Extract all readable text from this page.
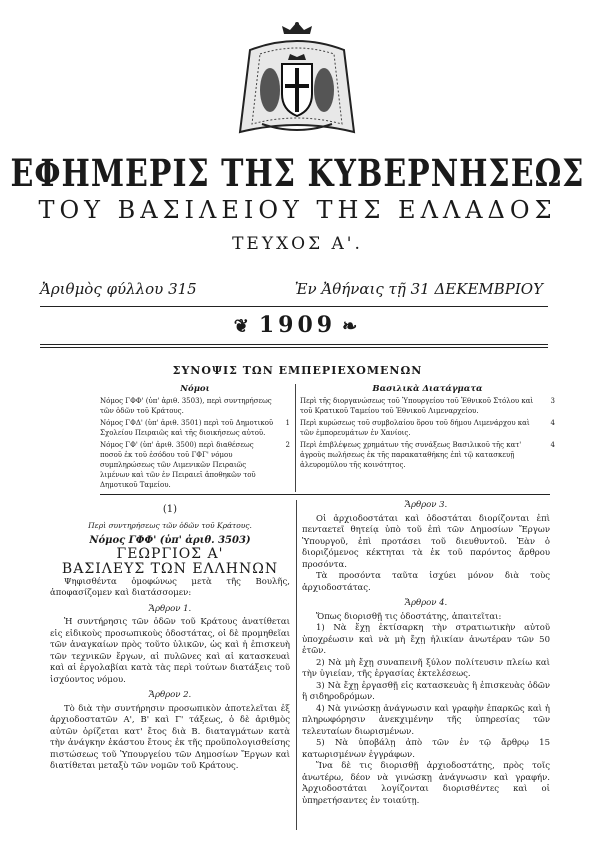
ΕΦΗΜΕΡΙΣ ΤΗΣ ΚΥΒΕΡΝΗΣΕΩΣ
ΤΟΥ ΒΑΣΙΛΕΙΟΥ ΤΗΣ ΕΛΛΑΔΟΣ
ΤΕΥΧΟΣ Α'.
Ἀριθμὸς φύλλου 315	Ἐν Ἀθήναις τῇ 31 ΔΕΚΕΜΒΡΙΟΥ
❦ 1909 ❧
ΣΥΝΟΨΙΣ ΤΩΝ ΕΜΠΕΡΙΕΧΟΜΕΝΩΝ
Νόμοι
Νόμος ΓΦΦ' (ὑπ' ἀριθ. 3503), περὶ συντηρήσεως τῶν ὁδῶν τοῦ Κράτους.
Νόμος ΓΦΔ' (ὑπ' ἀριθ. 3501) περὶ τοῦ Δημοτικοῦ Σχολείου Πειραιῶς καὶ τῆς διοικήσεως αὐτοῦ.
1
Νόμος ΓΦ' (ὑπ' ἀριθ. 3500) περὶ διαθέσεως ποσοῦ ἐκ τοῦ ἐσόδου τοῦ ΓΦΓ' νόμου συμπληρώσεως τῶν Λιμενικῶν Πειραιῶς λιμένων καὶ τῶν ἐν Πειραιεῖ ἀποθηκῶν τοῦ Δημοτικοῦ Ταμείου.
2
Βασιλικὰ Διατάγματα
Περὶ τῆς διοργανώσεως τοῦ Ὑπουργείου τοῦ Ἐθνικοῦ Στόλου καὶ τοῦ Κρατικοῦ Ταμείου τοῦ Ἐθνικοῦ Λιμεναρχείου.
3
Περὶ κυρώσεως τοῦ συμβολαίου ὅρου τοῦ δήμου Λιμενάρχου καὶ τῶν ἐμπορευμάτων ἐν Χανίοις.
4
Περὶ ἐπιβλέψεως χρημάτων τῆς συνάξεως Βασιλικοῦ τῆς κατ' ἀγροὺς πωλήσεως ἐκ τῆς παρακαταθήκης ἐπὶ τῷ κατασκευῇ ἀλευρομύλου τῆς κοινότητος.
4
(1)
Περὶ συντηρήσεως τῶν ὁδῶν τοῦ Κράτους.
Νόμος ΓΦΦ' (ὑπ' ἀριθ. 3503)
ΓΕΩΡΓΙΟΣ Α'
ΒΑΣΙΛΕΥΣ ΤΩΝ ΕΛΛΗΝΩΝ

Ψηφισθέντα ὁμοφώνως μετὰ τῆς Βουλῆς, ἀποφασίζομεν καὶ διατάσσομεν:

Ἄρθρον 1.

Ἡ συντήρησις τῶν ὁδῶν τοῦ Κράτους ἀνατίθεται εἰς εἰδικοὺς προσωπικοὺς ὁδοστάτας, οἱ δὲ προμηθεῖαι τῶν ἀναγκαίων πρὸς τοῦτο ὑλικῶν, ὡς καὶ ἡ ἐπισκευὴ τῶν τεχνικῶν ἔργων, αἱ πυλῶνες καὶ αἱ κατασκευαὶ καὶ αἱ ἐργολαβίαι κατὰ τὰς περὶ τούτων διατάξεις τοῦ ἰσχύοντος νόμου.

Ἄρθρον 2.

Τὸ διὰ τὴν συντήρησιν προσωπικὸν ἀποτελεῖται ἐξ ἀρχιοδοστατῶν Α', Β' καὶ Γ' τάξεως, ὁ δὲ ἀριθμὸς αὐτῶν ὁρίζεται κατ' ἔτος διὰ Β. διαταγμάτων κατὰ τὴν ἀνάγκην ἑκάστου ἔτους ἐκ τῆς προϋπολογισθείσης πιστώσεως τοῦ Ὑπουργείου τῶν Δημοσίων Ἔργων καὶ διατίθεται μεταξὺ τῶν νομῶν τοῦ Κράτους.

Ἄρθρον 3.

Οἱ ἀρχιοδοστάται καὶ ὁδοστάται διορίζονται ἐπὶ πενταετεῖ θητείᾳ ὑπὸ τοῦ ἐπὶ τῶν Δημοσίων Ἔργων Ὑπουργοῦ, ἐπὶ προτάσει τοῦ διευθυντοῦ. Ἐὰν ὁ διοριζόμενος κέκτηται τὰ ἐκ τοῦ παρόντος ἄρθρου προσόντα.

Τὰ προσόντα ταῦτα ἰσχύει μόνον διὰ τοὺς ἀρχιοδοστάτας.

Ἄρθρον 4.

Ὅπως διορισθῇ τις ὁδοστάτης, ἀπαιτεῖται:

1) Νὰ ἔχῃ ἐκτίσαρκη τὴν στρατιωτικὴν αὐτοῦ ὑποχρέωσιν καὶ νὰ μὴ ἔχῃ ἡλικίαν ἀνωτέραν τῶν 50 ἐτῶν.

2) Νὰ μὴ ἔχῃ συναπεινῆ ξύλον πολίτευσιν πλείω καὶ τὴν ὑγιείαν, τῆς ἐργασίας ἐκτελέσεως.

3) Νὰ ἔχῃ ἐργασθῇ εἰς κατασκευὰς ἢ ἐπισκευὰς ὁδῶν ἢ σιδηροδρόμων.

4) Νὰ γινώσκῃ ἀνάγνωσιν καὶ γραφὴν ἐπαρκῶς καὶ ἡ πληρωφόρησιν ἀνεκχιμένην τῆς ὑπηρεσίας τῶν τελευταίων διωρισμένων.

5) Νὰ ὑποβάλῃ ἀπὸ τῶν ἐν τῷ ἄρθρῳ 15 κατωρισμένων ἐγγράφων.

Ἵνα δὲ τις διορισθῇ ἀρχιοδοστάτης, πρὸς τοῖς ἀνωτέρω, δέον νὰ γινώσκῃ ἀνάγνωσιν καὶ γραφήν. Ἀρχιοδοστάται λογίζονται διορισθέντες καὶ οἱ ὑπηρετήσαντες ἐν τοιαύτῃ.
